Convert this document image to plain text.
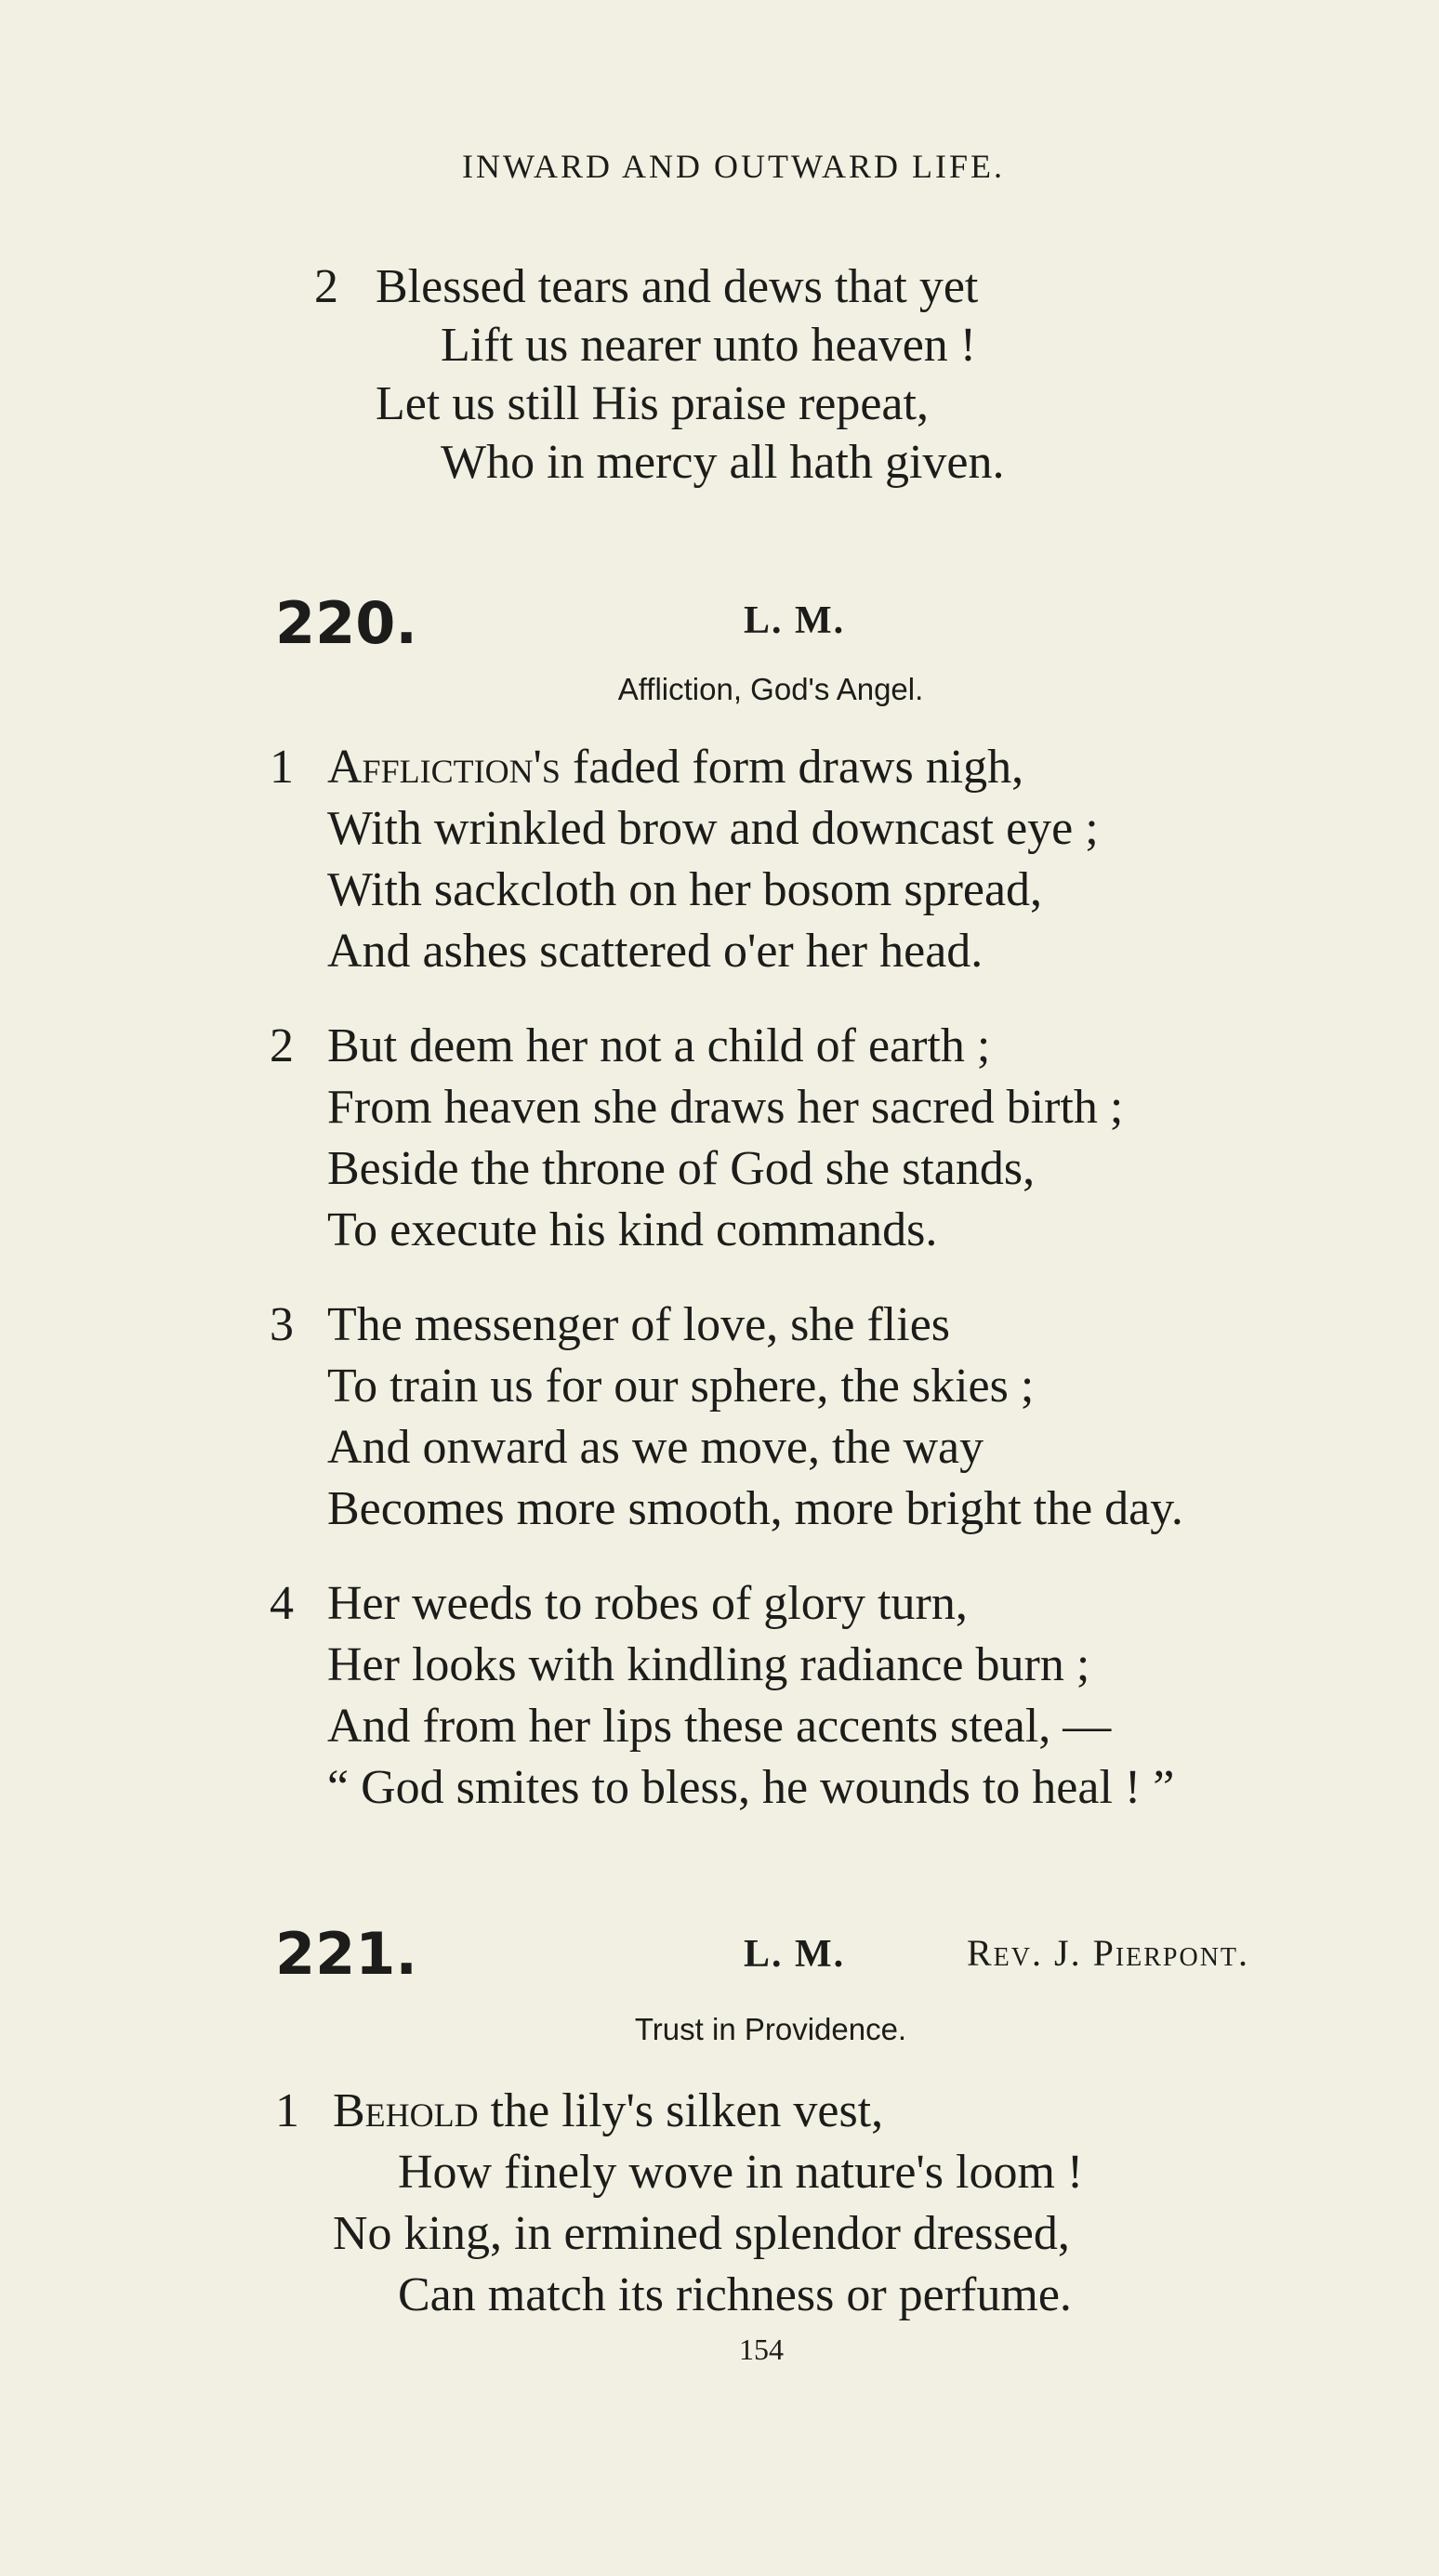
INWARD AND OUTWARD LIFE.
2 Blessed tears and dews that yet
Lift us nearer unto heaven !
Let us still His praise repeat,
Who in mercy all hath given.
220.	L. M.
Affliction, God's Angel.
1 Affliction's faded form draws nigh,
With wrinkled brow and downcast eye ;
With sackcloth on her bosom spread,
And ashes scattered o'er her head.
2 But deem her not a child of earth ;
From heaven she draws her sacred birth ;
Beside the throne of God she stands,
To execute his kind commands.
3 The messenger of love, she flies
To train us for our sphere, the skies ;
And onward as we move, the way
Becomes more smooth, more bright the day.
4 Her weeds to robes of glory turn,
Her looks with kindling radiance burn ;
And from her lips these accents steal, —
“ God smites to bless, he wounds to heal ! ”
221.	L. M.	Rev. J. Pierpont.
Trust in Providence.
1 Behold the lily's silken vest,
How finely wove in nature's loom !
No king, in ermined splendor dressed,
Can match its richness or perfume.
154
